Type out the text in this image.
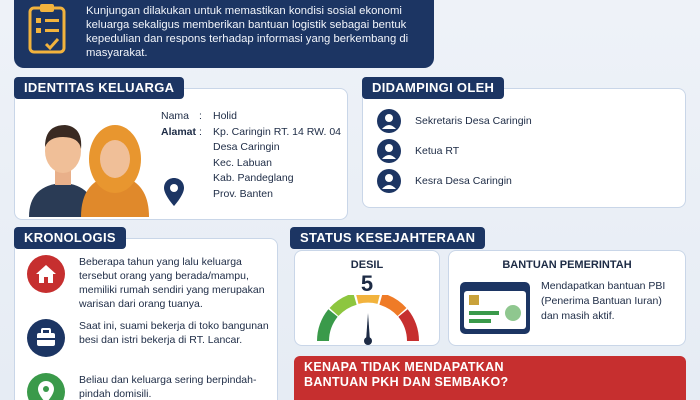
Kunjungan dilakukan untuk memastikan kondisi sosial ekonomi keluarga sekaligus memberikan bantuan logistik sebagai bentuk kepedulian dan respons terhadap informasi yang berkembang di masyarakat.
Nama :	Holid
Alamat :	Kp. Caringin RT. 14 RW. 04
Desa Caringin
Kec. Labuan
Kab. Pandeglang
Prov. Banten
IDENTITAS KELUARGA
Sekretaris Desa Caringin
Ketua RT
Kesra Desa Caringin
DIDAMPINGI OLEH
Beberapa tahun yang lalu keluarga tersebut orang yang berada/mampu, memiliki rumah sendiri yang merupakan warisan dari orang tuanya.
Saat ini, suami bekerja di toko bangunan besi dan istri bekerja di RT. Lancar.
Beliau dan keluarga sering berpindah-pindah domisili.
KRONOLOGIS	STATUS KESEJAHTERAAN
DESIL
5
BANTUAN PEMERINTAH
Mendapatkan bantuan PBI (Penerima Bantuan Iuran) dan masih aktif.
KENAPA TIDAK MENDAPATKAN
BANTUAN PKH DAN SEMBAKO?
